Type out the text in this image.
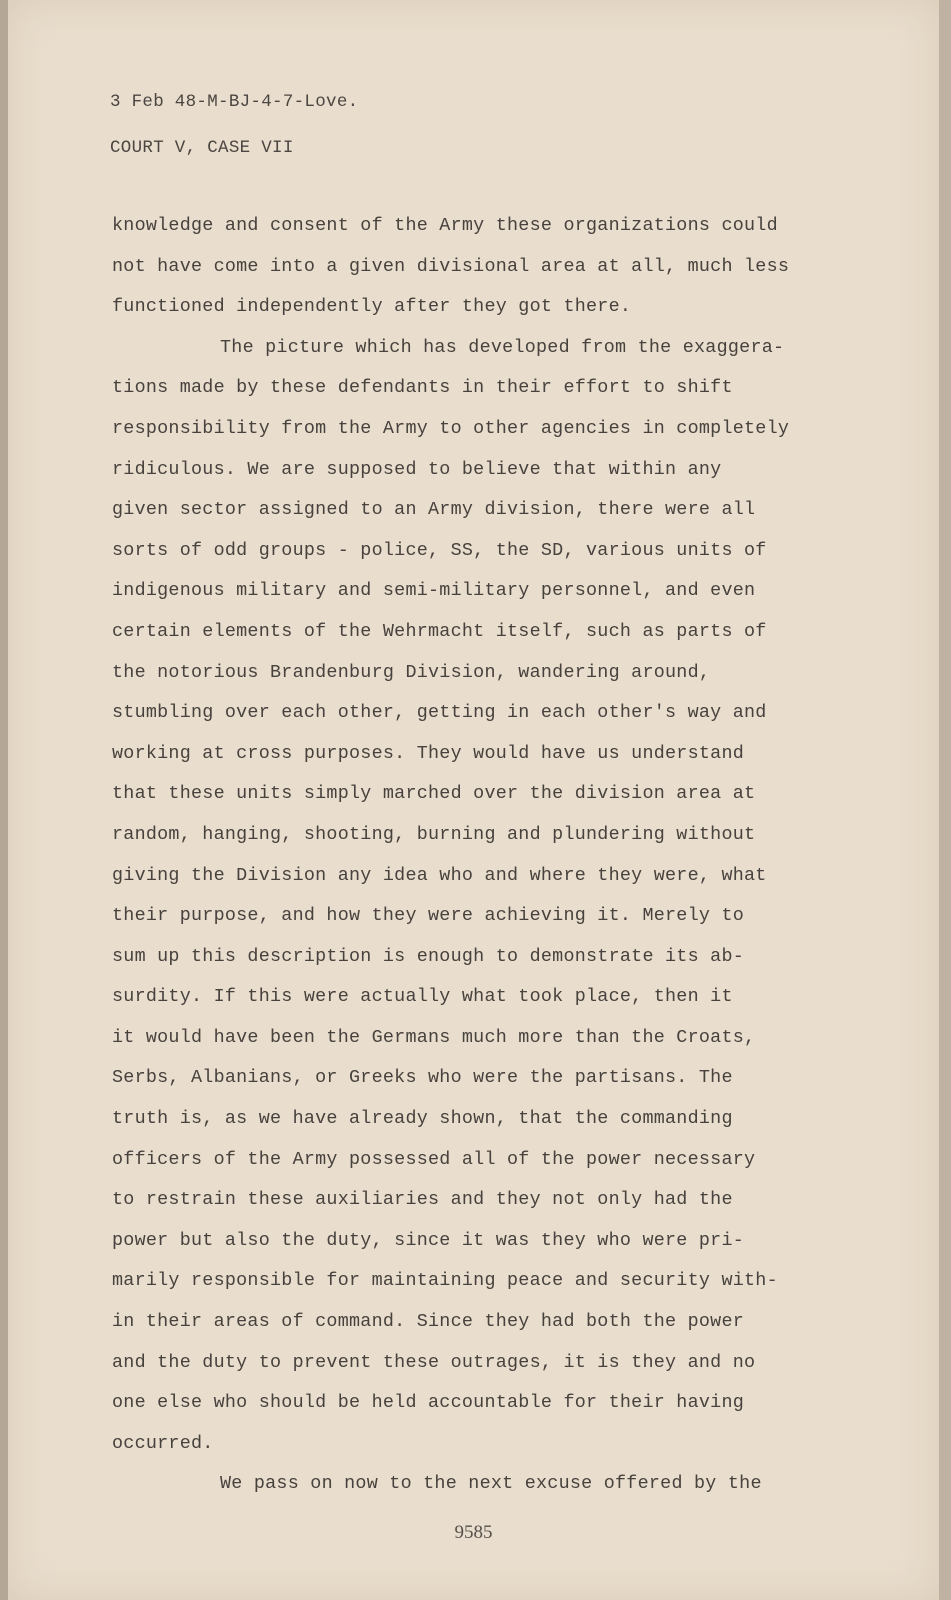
3 Feb 48-M-BJ-4-7-Love.
COURT V, CASE VII
knowledge and consent of the Army these organizations could
not have come into a given divisional area at all, much less
functioned independently after they got there.
The picture which has developed from the exaggera-
tions made by these defendants in their effort to shift
responsibility from the Army to other agencies in completely
ridiculous. We are supposed to believe that within any
given sector assigned to an Army division, there were all
sorts of odd groups - police, SS, the SD, various units of
indigenous military and semi-military personnel, and even
certain elements of the Wehrmacht itself, such as parts of
the notorious Brandenburg Division, wandering around,
stumbling over each other, getting in each other's way and
working at cross purposes. They would have us understand
that these units simply marched over the division area at
random, hanging, shooting, burning and plundering without
giving the Division any idea who and where they were, what
their purpose, and how they were achieving it. Merely to
sum up this description is enough to demonstrate its ab-
surdity. If this were actually what took place, then it
it would have been the Germans much more than the Croats,
Serbs, Albanians, or Greeks who were the partisans. The
truth is, as we have already shown, that the commanding
officers of the Army possessed all of the power necessary
to restrain these auxiliaries and they not only had the
power but also the duty, since it was they who were pri-
marily responsible for maintaining peace and security with-
in their areas of command. Since they had both the power
and the duty to prevent these outrages, it is they and no
one else who should be held accountable for their having
occurred.
We pass on now to the next excuse offered by the
9585
